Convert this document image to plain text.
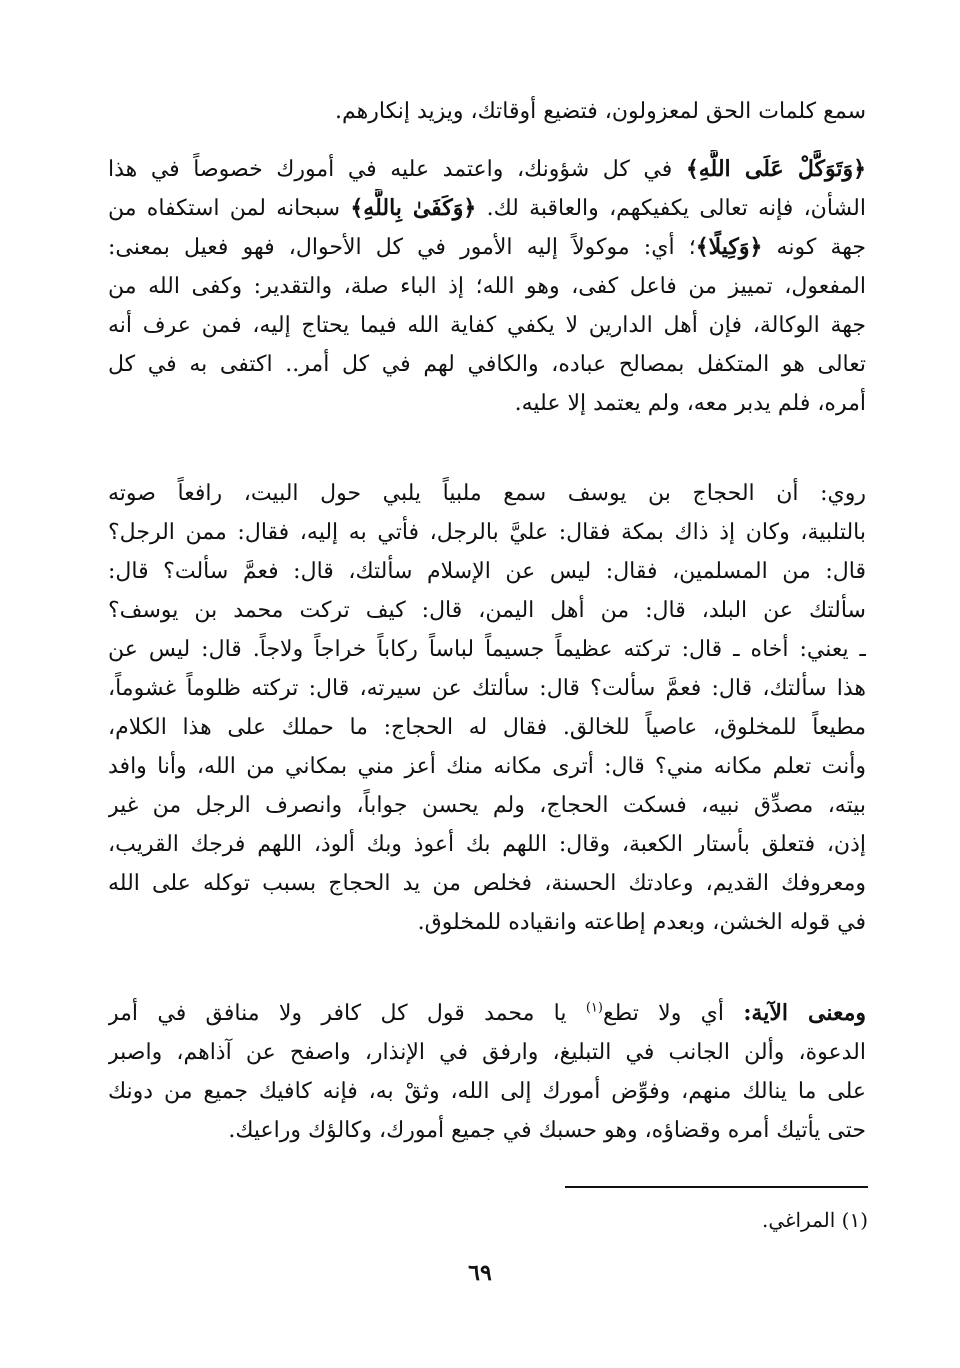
سمع كلمات الحق لمعزولون، فتضيع أوقاتك، ويزيد إنكارهم.
﴿وَتَوَكَّلْ عَلَى اللَّهِ﴾ في كل شؤونك، واعتمد عليه في أمورك خصوصاً في هذا
الشأن، فإنه تعالى يكفيكهم، والعاقبة لك. ﴿وَكَفَىٰ بِاللَّهِ﴾ سبحانه لمن استكفاه من
جهة كونه ﴿وَكِيلًا﴾؛ أي: موكولاً إليه الأمور في كل الأحوال، فهو فعيل بمعنى:
المفعول، تمييز من فاعل كفى، وهو الله؛ إذ الباء صلة، والتقدير: وكفى الله من
جهة الوكالة، فإن أهل الدارين لا يكفي كفاية الله فيما يحتاج إليه، فمن عرف أنه
تعالى هو المتكفل بمصالح عباده، والكافي لهم في كل أمر.. اكتفى به في كل
أمره، فلم يدبر معه، ولم يعتمد إلا عليه.
روي: أن الحجاج بن يوسف سمع ملبياً يلبي حول البيت، رافعاً صوته
بالتلبية، وكان إذ ذاك بمكة فقال: عليَّ بالرجل، فأتي به إليه، فقال: ممن الرجل؟
قال: من المسلمين، فقال: ليس عن الإسلام سألتك، قال: فعمَّ سألت؟ قال:
سألتك عن البلد، قال: من أهل اليمن، قال: كيف تركت محمد بن يوسف؟
ـ يعني: أخاه ـ قال: تركته عظيماً جسيماً لباساً ركاباً خراجاً ولاجاً. قال: ليس عن
هذا سألتك، قال: فعمَّ سألت؟ قال: سألتك عن سيرته، قال: تركته ظلوماً غشوماً،
مطيعاً للمخلوق، عاصياً للخالق. فقال له الحجاج: ما حملك على هذا الكلام،
وأنت تعلم مكانه مني؟ قال: أترى مكانه منك أعز مني بمكاني من الله، وأنا وافد
بيته، مصدِّق نبيه، فسكت الحجاج، ولم يحسن جواباً، وانصرف الرجل من غير
إذن، فتعلق بأستار الكعبة، وقال: اللهم بك أعوذ وبك ألوذ، اللهم فرجك القريب،
ومعروفك القديم، وعادتك الحسنة، فخلص من يد الحجاج بسبب توكله على الله
في قوله الخشن، وبعدم إطاعته وانقياده للمخلوق.
ومعنى الآية: أي ولا تطع$^{(١)}$ يا محمد قول كل كافر ولا منافق في أمر
الدعوة، وألن الجانب في التبليغ، وارفق في الإنذار، واصفح عن آذاهم، واصبر
على ما ينالك منهم، وفوِّض أمورك إلى الله، وثقْ به، فإنه كافيك جميع من دونك
حتى يأتيك أمره وقضاؤه، وهو حسبك في جميع أمورك، وكالؤك وراعيك.
(١) المراغي.
٦٩
